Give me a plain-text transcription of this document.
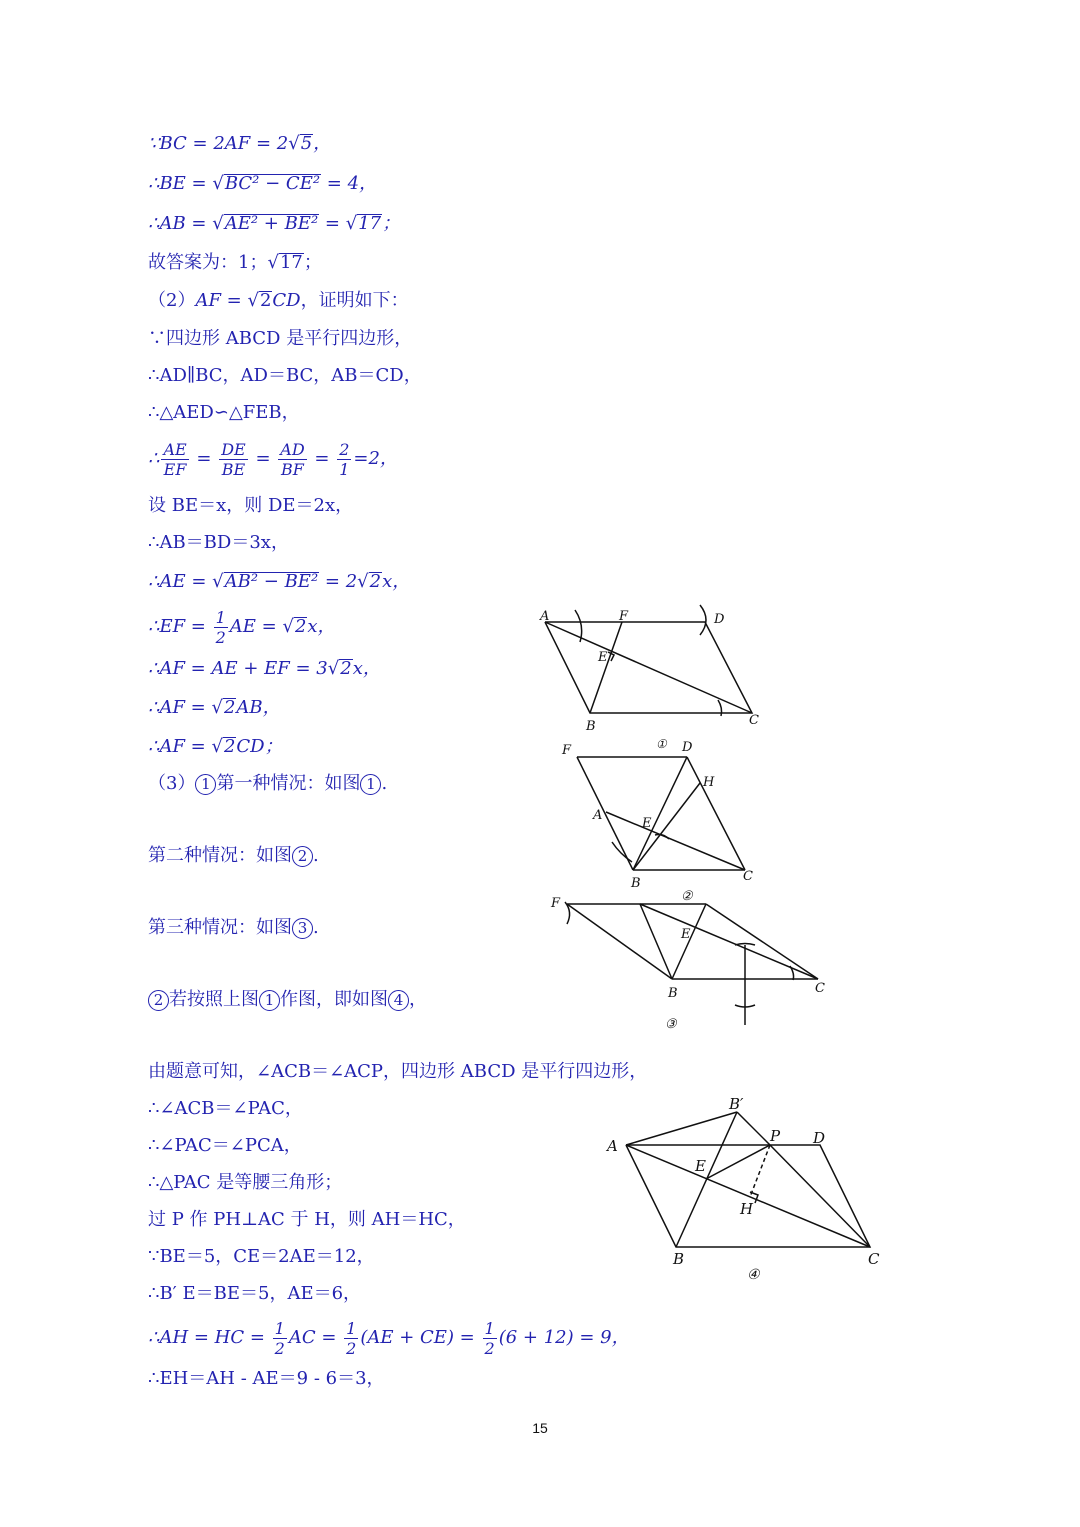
∵BC = 2AF = 2√5，
∴BE = √BC² − CE² = 4，
∴AB = √AE² + BE² = √17；
故答案为：1；√17；
（2）AF = √2CD，证明如下：
∵四边形 ABCD 是平行四边形，
∴AD∥BC，AD＝BC，AB＝CD，
∴△AED∽△FEB，
∴ $\frac{AE}{EF} = \frac{DE}{BE} = \frac{AD}{BF} = \frac{2}{1} =2$，
设 BE＝x，则 DE＝2x，
∴AB＝BD＝3x，
∴AE = √AB² − BE² = 2√2x，
∴EF = $\frac{1}{2}$ AE = √2x，
∴AF = AE + EF = 3√2x，
∴AF = √2AB，
∴AF = √2CD；
（3） 1 第一种情况：如图 1 .
第二种情况：如图 2 .
第三种情况：如图 3 .
2 若按照上图 1 作图，即如图 4 ，
由题意可知，∠ACB＝∠ACP，四边形 ABCD 是平行四边形，
∴∠ACB＝∠PAC，
∴∠PAC＝∠PCA，
∴△PAC 是等腰三角形；
过 P 作 PH⊥AC 于 H，则 AH＝HC，
∵BE＝5，CE＝2AE＝12，
∴B′ E＝BE＝5，AE＝6，
∴AH = HC = $\frac{1}{2}$ AC = $\frac{1}{2} (AE + CE) = \frac{1}{2} (6 + 12) = 9$，
∴EH＝AH - AE＝9 - 6＝3，
A	F	D
E
B	C
①
F	D
H
A
E
B	C
②
F
E
B	C
③
B′
A
P D
E
H
B	C
④
15
